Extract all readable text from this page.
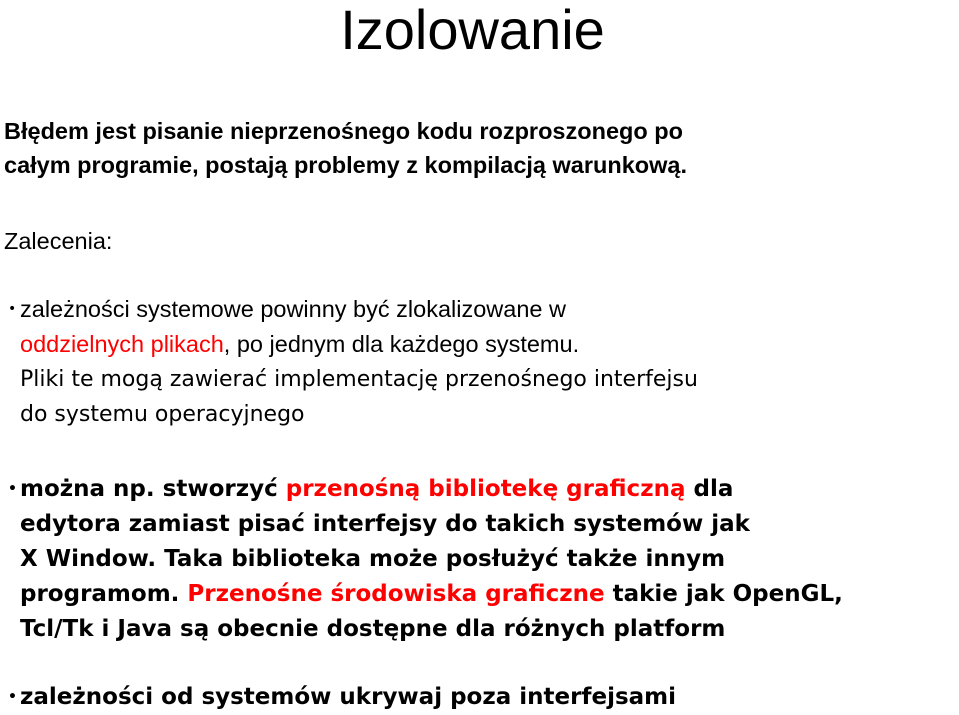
Izolowanie
Błędem jest pisanie nieprzenośnego kodu rozproszonego po
całym programie, postają problemy z kompilacją warunkową.
Zalecenia:
• zależności systemowe powinny być zlokalizowane w
oddzielnych plikach, po jednym dla każdego systemu.
Pliki te mogą zawierać implementację przenośnego interfejsu
do systemu operacyjnego
• można np. stworzyć przenośną bibliotekę graficzną dla
edytora zamiast pisać interfejsy do takich systemów jak
X Window. Taka biblioteka może posłużyć także innym
programom. Przenośne środowiska graficzne takie jak OpenGL,
Tcl/Tk i Java są obecnie dostępne dla różnych platform
• zależności od systemów ukrywaj poza interfejsami
